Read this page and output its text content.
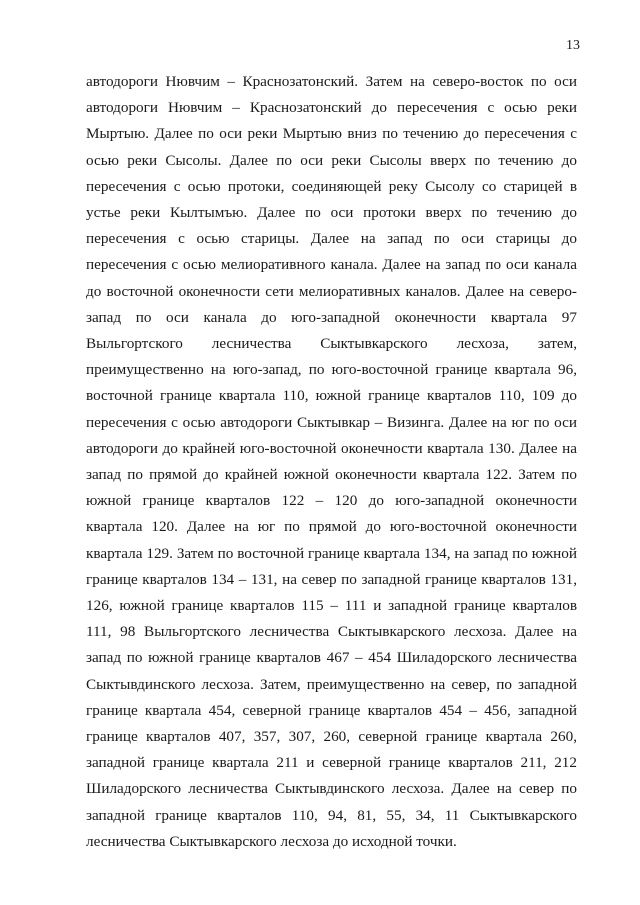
13
автодороги Нювчим – Краснозатонский. Затем на северо-восток по оси
автодороги Нювчим – Краснозатонский до пересечения с осью реки
Мыртыю. Далее по оси реки Мыртыю вниз по течению до пересечения с
осью реки Сысолы. Далее по оси реки Сысолы вверх по течению до
пересечения с осью протоки, соединяющей реку Сысолу со старицей в
устье реки Кылтымъю. Далее по оси протоки вверх по течению до
пересечения с осью старицы. Далее на запад по оси старицы до
пересечения с осью мелиоративного канала. Далее на запад по оси канала
до восточной оконечности сети мелиоративных каналов. Далее на северо-
запад по оси канала до юго-западной оконечности квартала 97
Выльгортского лесничества Сыктывкарского лесхоза, затем,
преимущественно на юго-запад, по юго-восточной границе квартала 96,
восточной границе квартала 110, южной границе кварталов 110, 109 до
пересечения с осью автодороги Сыктывкар – Визинга. Далее на юг по оси
автодороги до крайней юго-восточной оконечности квартала 130. Далее на
запад по прямой до крайней южной оконечности квартала 122. Затем по
южной границе кварталов 122 – 120 до юго-западной оконечности
квартала 120. Далее на юг по прямой до юго-восточной оконечности
квартала 129. Затем по восточной границе квартала 134, на запад по южной
границе кварталов 134 – 131, на север по западной границе кварталов 131,
126, южной границе кварталов 115 – 111 и западной границе кварталов
111, 98 Выльгортского лесничества Сыктывкарского лесхоза. Далее на
запад по южной границе кварталов 467 – 454 Шиладорского лесничества
Сыктывдинского лесхоза. Затем, преимущественно на север, по западной
границе квартала 454, северной границе кварталов 454 – 456, западной
границе кварталов 407, 357, 307, 260, северной границе квартала 260,
западной границе квартала 211 и северной границе кварталов 211, 212
Шиладорского лесничества Сыктывдинского лесхоза. Далее на север по
западной границе кварталов 110, 94, 81, 55, 34, 11 Сыктывкарского
лесничества Сыктывкарского лесхоза до исходной точки.
